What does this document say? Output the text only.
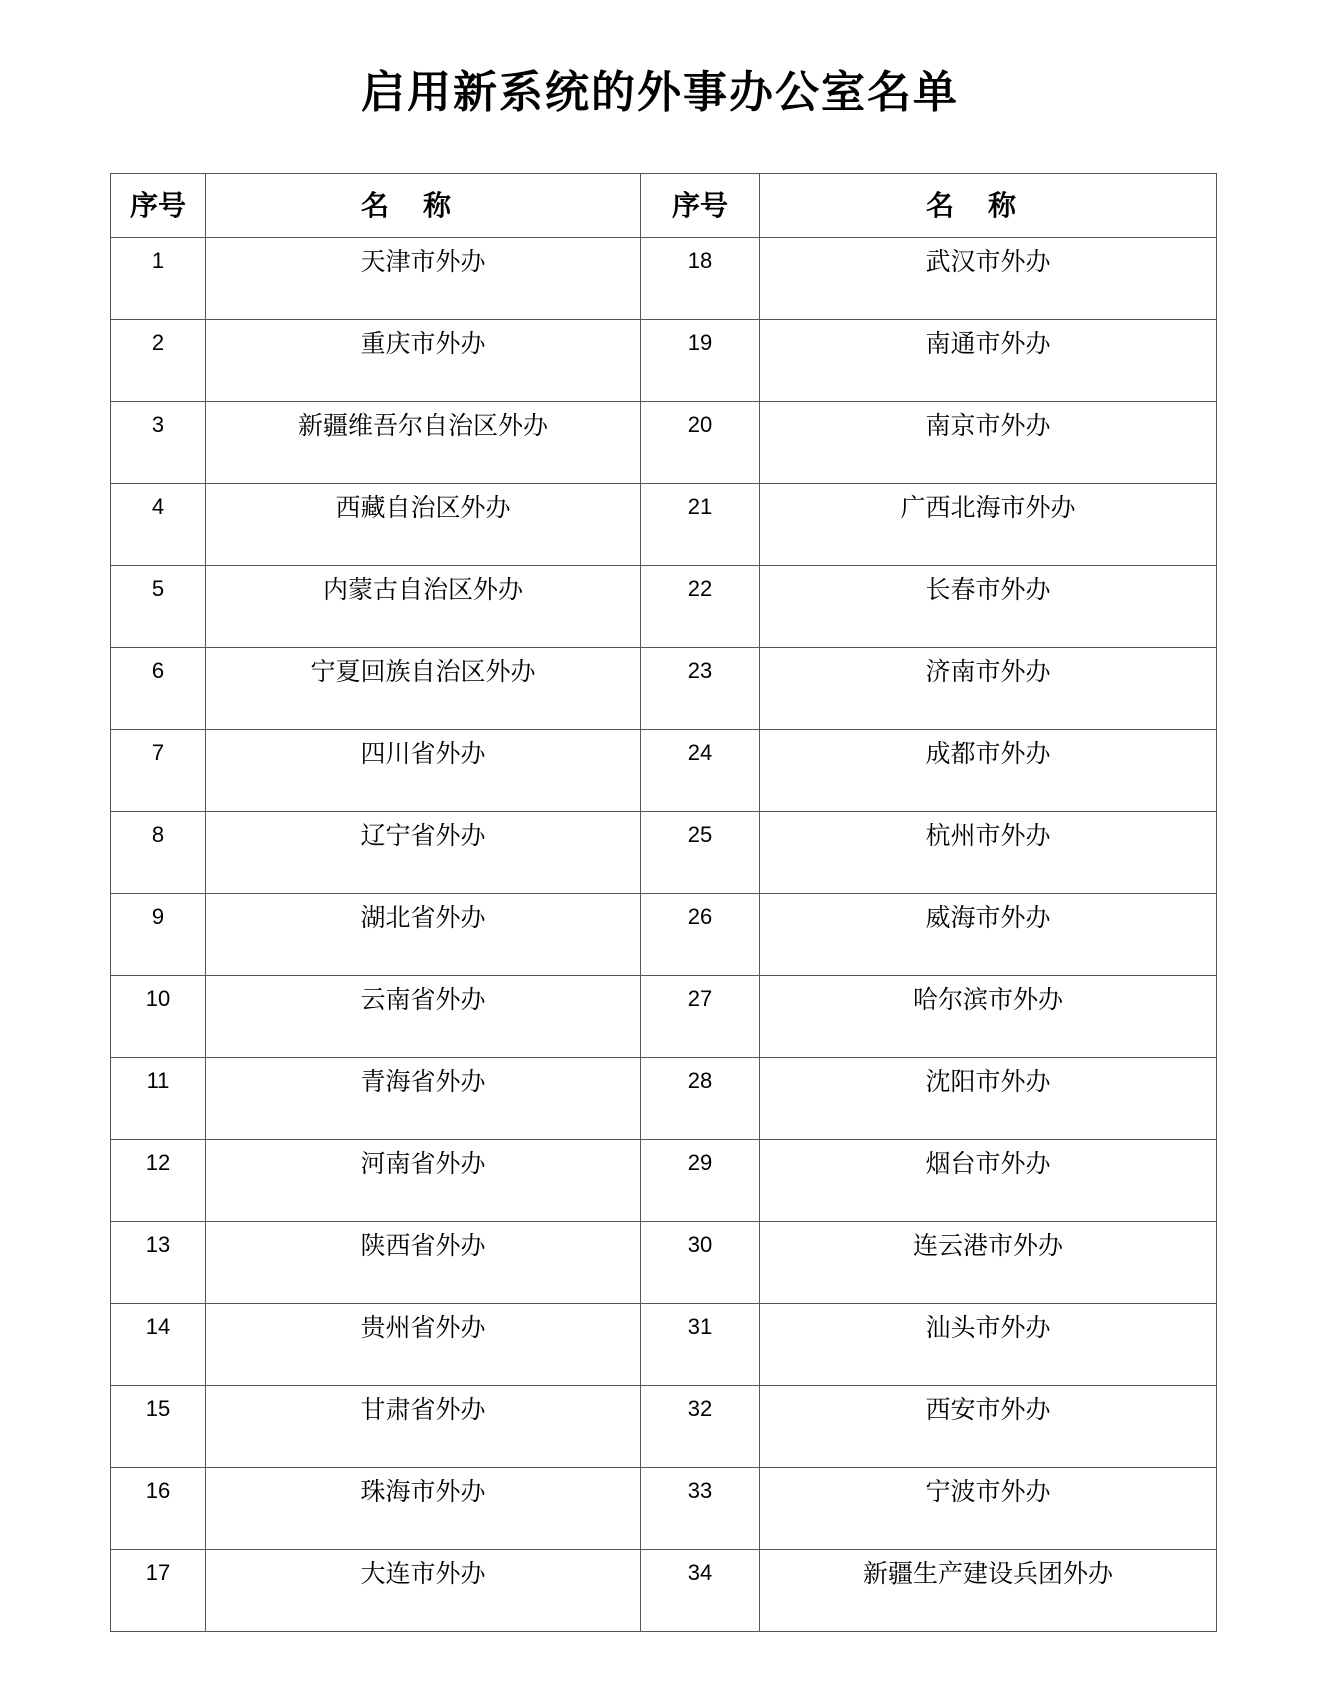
启用新系统的外事办公室名单
序号	名称	序号	名称
1	天津市外办	18	武汉市外办
2	重庆市外办	19	南通市外办
3	新疆维吾尔自治区外办	20	南京市外办
4	西藏自治区外办	21	广西北海市外办
5	内蒙古自治区外办	22	长春市外办
6	宁夏回族自治区外办	23	济南市外办
7	四川省外办	24	成都市外办
8	辽宁省外办	25	杭州市外办
9	湖北省外办	26	威海市外办
10	云南省外办	27	哈尔滨市外办
11	青海省外办	28	沈阳市外办
12	河南省外办	29	烟台市外办
13	陕西省外办	30	连云港市外办
14	贵州省外办	31	汕头市外办
15	甘肃省外办	32	西安市外办
16	珠海市外办	33	宁波市外办
17	大连市外办	34	新疆生产建设兵团外办
